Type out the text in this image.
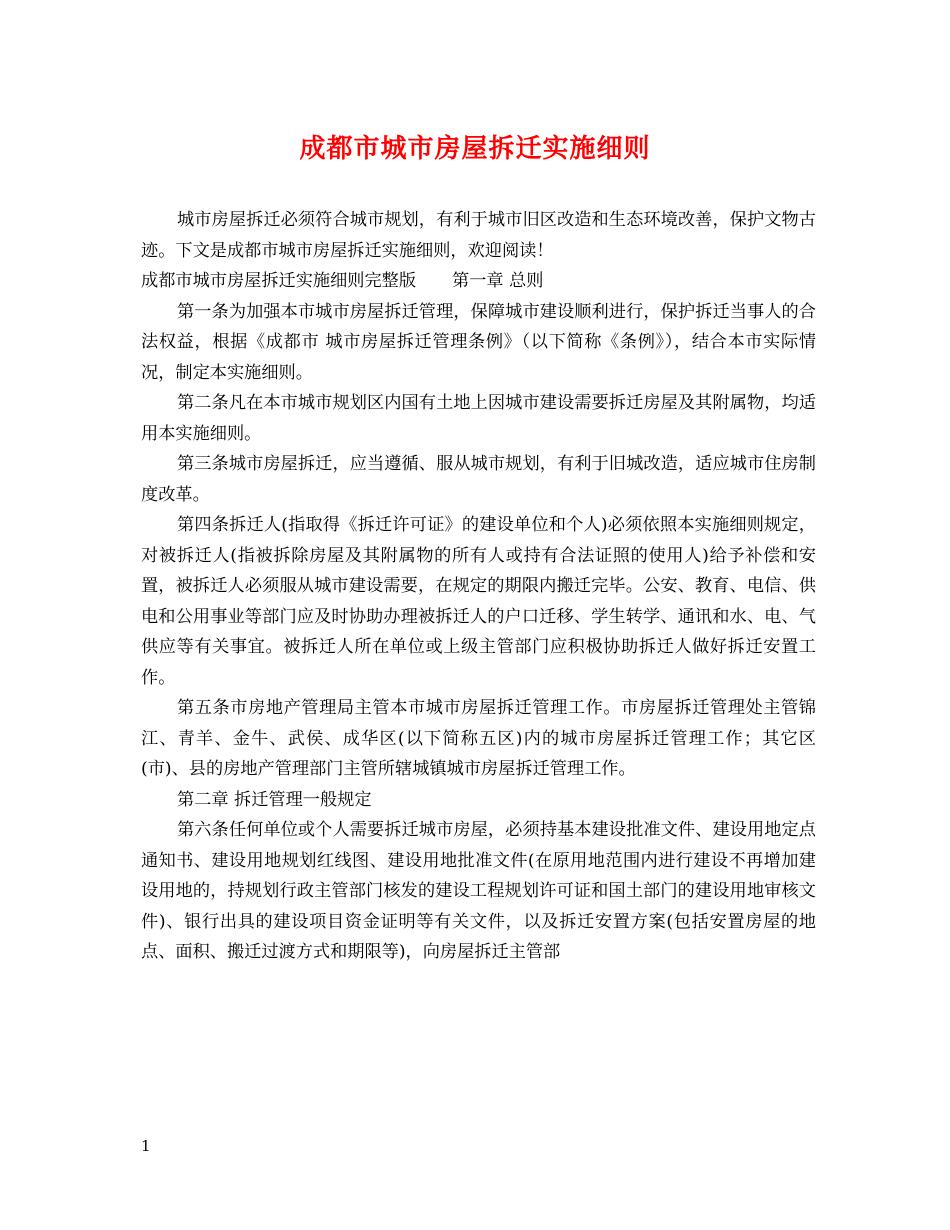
成都市城市房屋拆迁实施细则

城市房屋拆迁必须符合城市规划，有利于城市旧区改造和生态环境改善，保护文物古迹。下文是成都市城市房屋拆迁实施细则，欢迎阅读！

成都市城市房屋拆迁实施细则完整版 第一章 总则

第一条为加强本市城市房屋拆迁管理，保障城市建设顺利进行，保护拆迁当事人的合法权益，根据《成都市 城市房屋拆迁管理条例》（以下简称《条例》），结合本市实际情况，制定本实施细则。

第二条凡在本市城市规划区内国有土地上因城市建设需要拆迁房屋及其附属物，均适用本实施细则。

第三条城市房屋拆迁，应当遵循、服从城市规划，有利于旧城改造，适应城市住房制度改革。

第四条拆迁人(指取得《拆迁许可证》的建设单位和个人)必须依照本实施细则规定，对被拆迁人(指被拆除房屋及其附属物的所有人或持有合法证照的使用人)给予补偿和安置，被拆迁人必须服从城市建设需要，在规定的期限内搬迁完毕。公安、教育、电信、供电和公用事业等部门应及时协助办理被拆迁人的户口迁移、学生转学、通讯和水、电、气供应等有关事宜。被拆迁人所在单位或上级主管部门应积极协助拆迁人做好拆迁安置工作。

第五条市房地产管理局主管本市城市房屋拆迁管理工作。市房屋拆迁管理处主管锦江、青羊、金牛、武侯、成华区(以下简称五区)内的城市房屋拆迁管理工作；其它区(市)、县的房地产管理部门主管所辖城镇城市房屋拆迁管理工作。

第二章 拆迁管理一般规定

第六条任何单位或个人需要拆迁城市房屋，必须持基本建设批准文件、建设用地定点通知书、建设用地规划红线图、建设用地批准文件(在原用地范围内进行建设不再增加建设用地的，持规划行政主管部门核发的建设工程规划许可证和国土部门的建设用地审核文件)、银行出具的建设项目资金证明等有关文件，以及拆迁安置方案(包括安置房屋的地点、面积、搬迁过渡方式和期限等)，向房屋拆迁主管部

1
